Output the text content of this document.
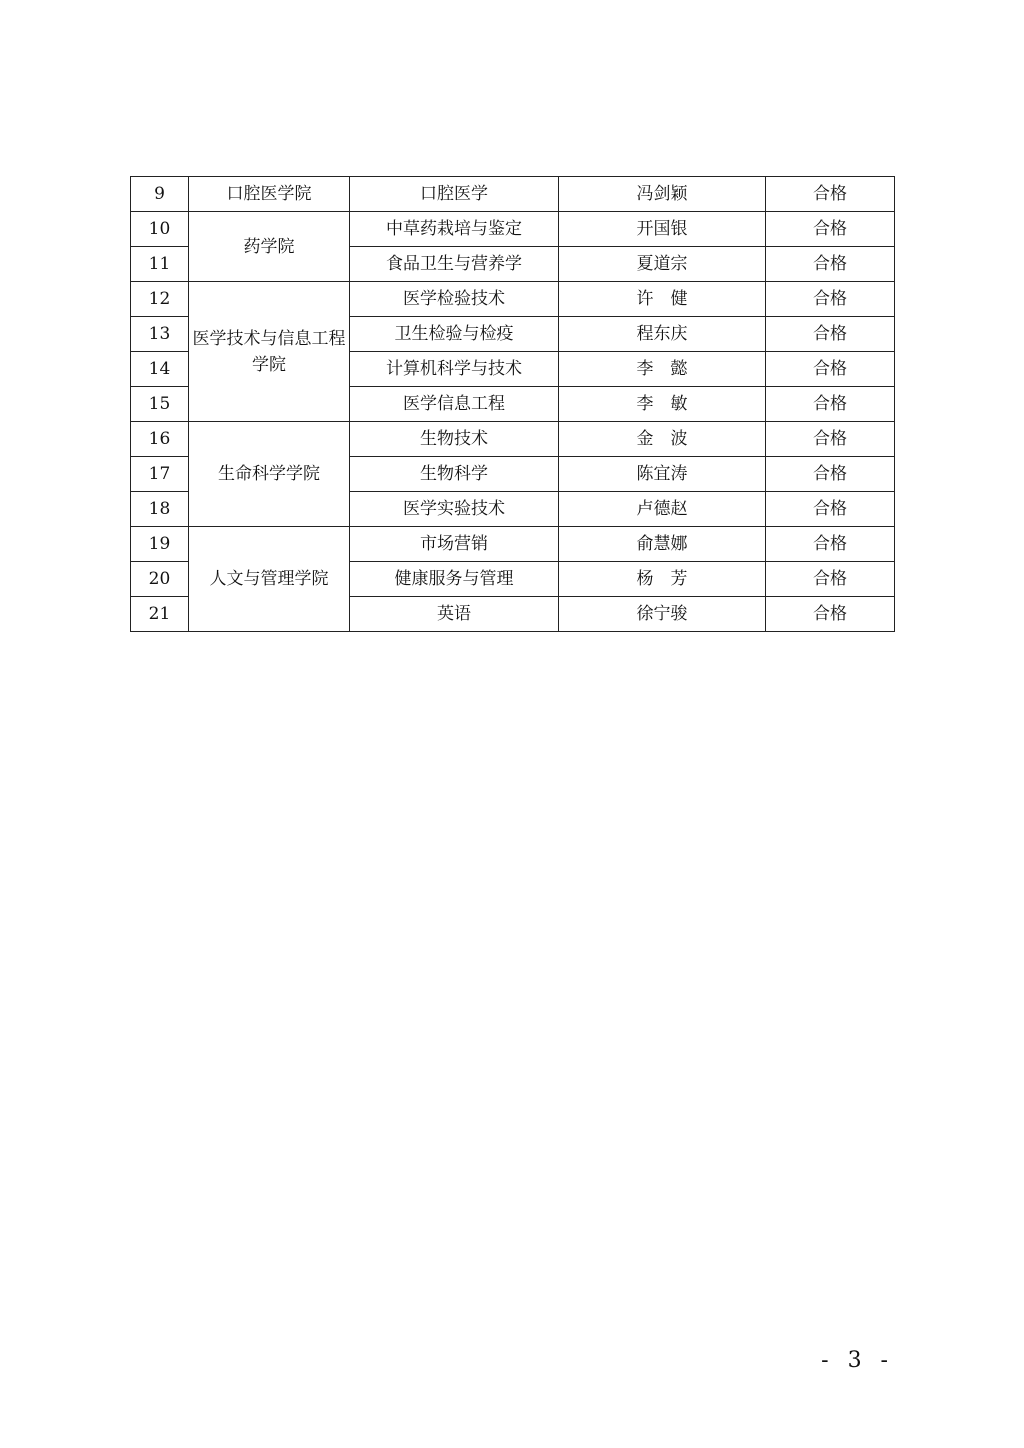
9	口腔医学院	口腔医学	冯剑颖	合格
10	药学院	中草药栽培与鉴定	开国银	合格
11		食品卫生与营养学	夏道宗	合格
12	医学技术与信息工程学院	医学检验技术	许　健	合格
13		卫生检验与检疫	程东庆	合格
14		计算机科学与技术	李　懿	合格
15		医学信息工程	李　敏	合格
16	生命科学学院	生物技术	金　波	合格
17		生物科学	陈宜涛	合格
18		医学实验技术	卢德赵	合格
19	人文与管理学院	市场营销	俞慧娜	合格
20		健康服务与管理	杨　芳	合格
21		英语	徐宁骏	合格
- 3 -
